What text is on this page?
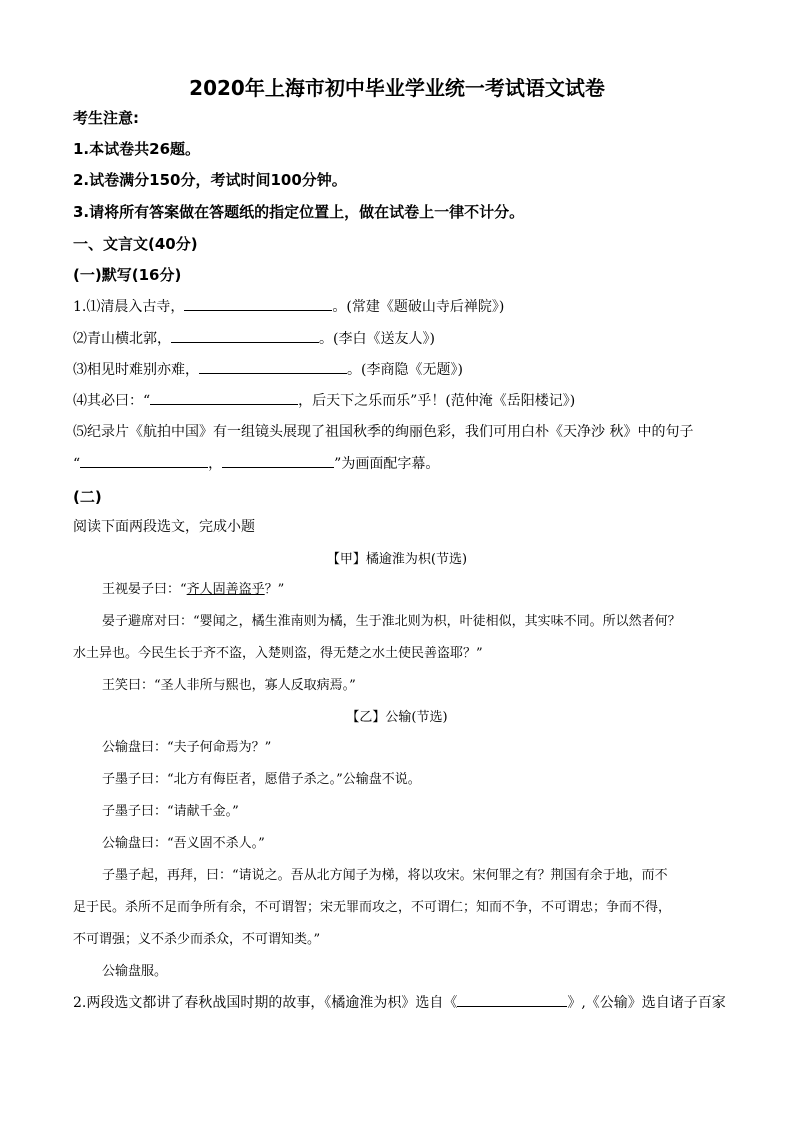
2020年上海市初中毕业学业统一考试语文试卷
考生注意:
1.本试卷共26题。
2.试卷满分150分，考试时间100分钟。
3.请将所有答案做在答题纸的指定位置上，做在试卷上一律不计分。
一、文言文(40分)
(一)默写(16分)
1.⑴清晨入古寺，	。(常建《题破山寺后禅院》)
⑵青山横北郭，	。(李白《送友人》)
⑶相见时难别亦难，	。(李商隐《无题》)
⑷其必曰：“	，后天下之乐而乐”乎！(范仲淹《岳阳楼记》)
⑸纪录片《航拍中国》有一组镜头展现了祖国秋季的绚丽色彩，我们可用白朴《天净沙 秋》中的句子
“	，	”为画面配字幕。
(二)
阅读下面两段选文，完成小题
【甲】橘逾淮为枳(节选)
王视晏子曰：“齐人固善盗乎？”
晏子避席对曰：“婴闻之，橘生淮南则为橘，生于淮北则为枳，叶徒相似，其实味不同。所以然者何？
水土异也。今民生长于齐不盗，入楚则盗，得无楚之水土使民善盗耶？”
王笑曰：“圣人非所与熙也，寡人反取病焉。”
【乙】公输(节选)
公输盘曰：“夫子何命焉为？”
子墨子曰：“北方有侮臣者，愿借子杀之。”公输盘不说。
子墨子曰：“请献千金。”
公输盘曰：“吾义固不杀人。”
子墨子起，再拜，曰：“请说之。吾从北方闻子为梯，将以攻宋。宋何罪之有？荆国有余于地，而不
足于民。杀所不足而争所有余，不可谓智；宋无罪而攻之，不可谓仁；知而不争，不可谓忠；争而不得，
不可谓强；义不杀少而杀众，不可谓知类。”
公输盘服。
2.两段选文都讲了春秋战国时期的故事，《橘逾淮为枳》选自《	》,《公输》选自诸子百家
